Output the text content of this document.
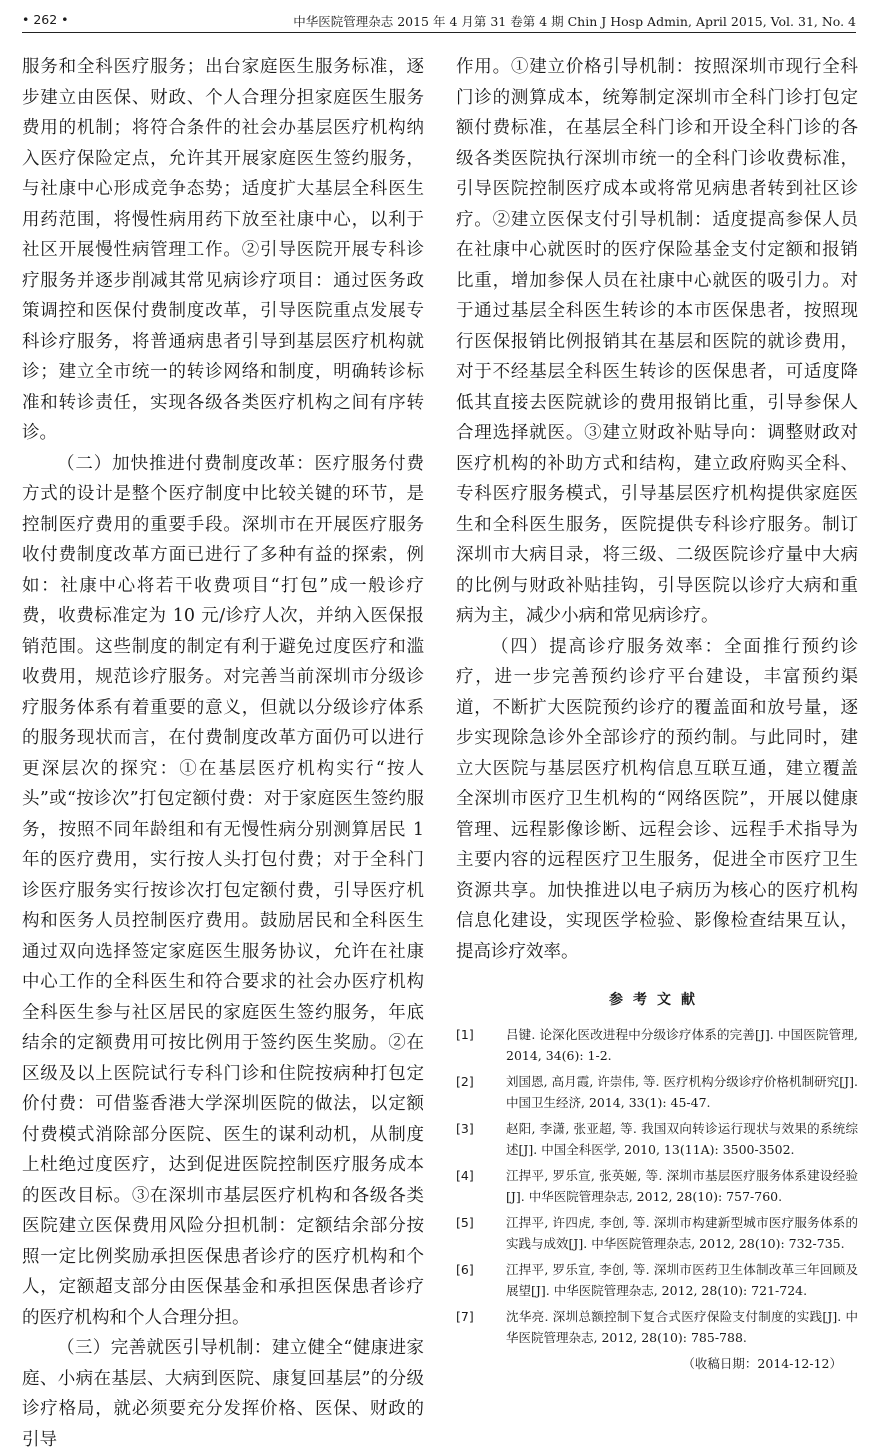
• 262 •	中华医院管理杂志 2015 年 4 月第 31 卷第 4 期 Chin J Hosp Admin, April 2015, Vol. 31, No. 4

服务和全科医疗服务；出台家庭医生服务标准，逐步建立由医保、财政、个人合理分担家庭医生服务费用的机制；将符合条件的社会办基层医疗机构纳入医疗保险定点，允许其开展家庭医生签约服务，与社康中心形成竞争态势；适度扩大基层全科医生用药范围，将慢性病用药下放至社康中心，以利于社区开展慢性病管理工作。②引导医院开展专科诊疗服务并逐步削减其常见病诊疗项目：通过医务政策调控和医保付费制度改革，引导医院重点发展专科诊疗服务，将普通病患者引导到基层医疗机构就诊；建立全市统一的转诊网络和制度，明确转诊标准和转诊责任，实现各级各类医疗机构之间有序转诊。

（二）加快推进付费制度改革：医疗服务付费方式的设计是整个医疗制度中比较关键的环节，是控制医疗费用的重要手段。深圳市在开展医疗服务收付费制度改革方面已进行了多种有益的探索，例如：社康中心将若干收费项目“打包”成一般诊疗费，收费标准定为 10 元/诊疗人次，并纳入医保报销范围。这些制度的制定有利于避免过度医疗和滥收费用，规范诊疗服务。对完善当前深圳市分级诊疗服务体系有着重要的意义，但就以分级诊疗体系的服务现状而言，在付费制度改革方面仍可以进行更深层次的探究：①在基层医疗机构实行“按人头”或“按诊次”打包定额付费：对于家庭医生签约服务，按照不同年龄组和有无慢性病分别测算居民 1 年的医疗费用，实行按人头打包付费；对于全科门诊医疗服务实行按诊次打包定额付费，引导医疗机构和医务人员控制医疗费用。鼓励居民和全科医生通过双向选择签定家庭医生服务协议，允许在社康中心工作的全科医生和符合要求的社会办医疗机构全科医生参与社区居民的家庭医生签约服务，年底结余的定额费用可按比例用于签约医生奖励。②在区级及以上医院试行专科门诊和住院按病种打包定价付费：可借鉴香港大学深圳医院的做法，以定额付费模式消除部分医院、医生的谋利动机，从制度上杜绝过度医疗，达到促进医院控制医疗服务成本的医改目标。③在深圳市基层医疗机构和各级各类医院建立医保费用风险分担机制：定额结余部分按照一定比例奖励承担医保患者诊疗的医疗机构和个人，定额超支部分由医保基金和承担医保患者诊疗的医疗机构和个人合理分担。

（三）完善就医引导机制：建立健全“健康进家庭、小病在基层、大病到医院、康复回基层”的分级诊疗格局，就必须要充分发挥价格、医保、财政的引导

作用。①建立价格引导机制：按照深圳市现行全科门诊的测算成本，统筹制定深圳市全科门诊打包定额付费标准，在基层全科门诊和开设全科门诊的各级各类医院执行深圳市统一的全科门诊收费标准，引导医院控制医疗成本或将常见病患者转到社区诊疗。②建立医保支付引导机制：适度提高参保人员在社康中心就医时的医疗保险基金支付定额和报销比重，增加参保人员在社康中心就医的吸引力。对于通过基层全科医生转诊的本市医保患者，按照现行医保报销比例报销其在基层和医院的就诊费用，对于不经基层全科医生转诊的医保患者，可适度降低其直接去医院就诊的费用报销比重，引导参保人合理选择就医。③建立财政补贴导向：调整财政对医疗机构的补助方式和结构，建立政府购买全科、专科医疗服务模式，引导基层医疗机构提供家庭医生和全科医生服务，医院提供专科诊疗服务。制订深圳市大病目录，将三级、二级医院诊疗量中大病的比例与财政补贴挂钩，引导医院以诊疗大病和重病为主，减少小病和常见病诊疗。

（四）提高诊疗服务效率：全面推行预约诊疗，进一步完善预约诊疗平台建设，丰富预约渠道，不断扩大医院预约诊疗的覆盖面和放号量，逐步实现除急诊外全部诊疗的预约制。与此同时，建立大医院与基层医疗机构信息互联互通，建立覆盖全深圳市医疗卫生机构的“网络医院”，开展以健康管理、远程影像诊断、远程会诊、远程手术指导为主要内容的远程医疗卫生服务，促进全市医疗卫生资源共享。加快推进以电子病历为核心的医疗机构信息化建设，实现医学检验、影像检查结果互认，提高诊疗效率。

参考文献
[1]	吕键. 论深化医改进程中分级诊疗体系的完善[J]. 中国医院管理, 2014, 34(6): 1-2.
[2]	刘国恩, 高月霞, 许崇伟, 等. 医疗机构分级诊疗价格机制研究[J]. 中国卫生经济, 2014, 33(1): 45-47.
[3]	赵阳, 李潇, 张亚超, 等. 我国双向转诊运行现状与效果的系统综述[J]. 中国全科医学, 2010, 13(11A): 3500-3502.
[4]	江捍平, 罗乐宣, 张英姬, 等. 深圳市基层医疗服务体系建设经验[J]. 中华医院管理杂志, 2012, 28(10): 757-760.
[5]	江捍平, 许四虎, 李创, 等. 深圳市构建新型城市医疗服务体系的实践与成效[J]. 中华医院管理杂志, 2012, 28(10): 732-735.
[6]	江捍平, 罗乐宣, 李创, 等. 深圳市医药卫生体制改革三年回顾及展望[J]. 中华医院管理杂志, 2012, 28(10): 721-724.
[7]	沈华亮. 深圳总额控制下复合式医疗保险支付制度的实践[J]. 中华医院管理杂志, 2012, 28(10): 785-788.
（收稿日期：2014-12-12）
